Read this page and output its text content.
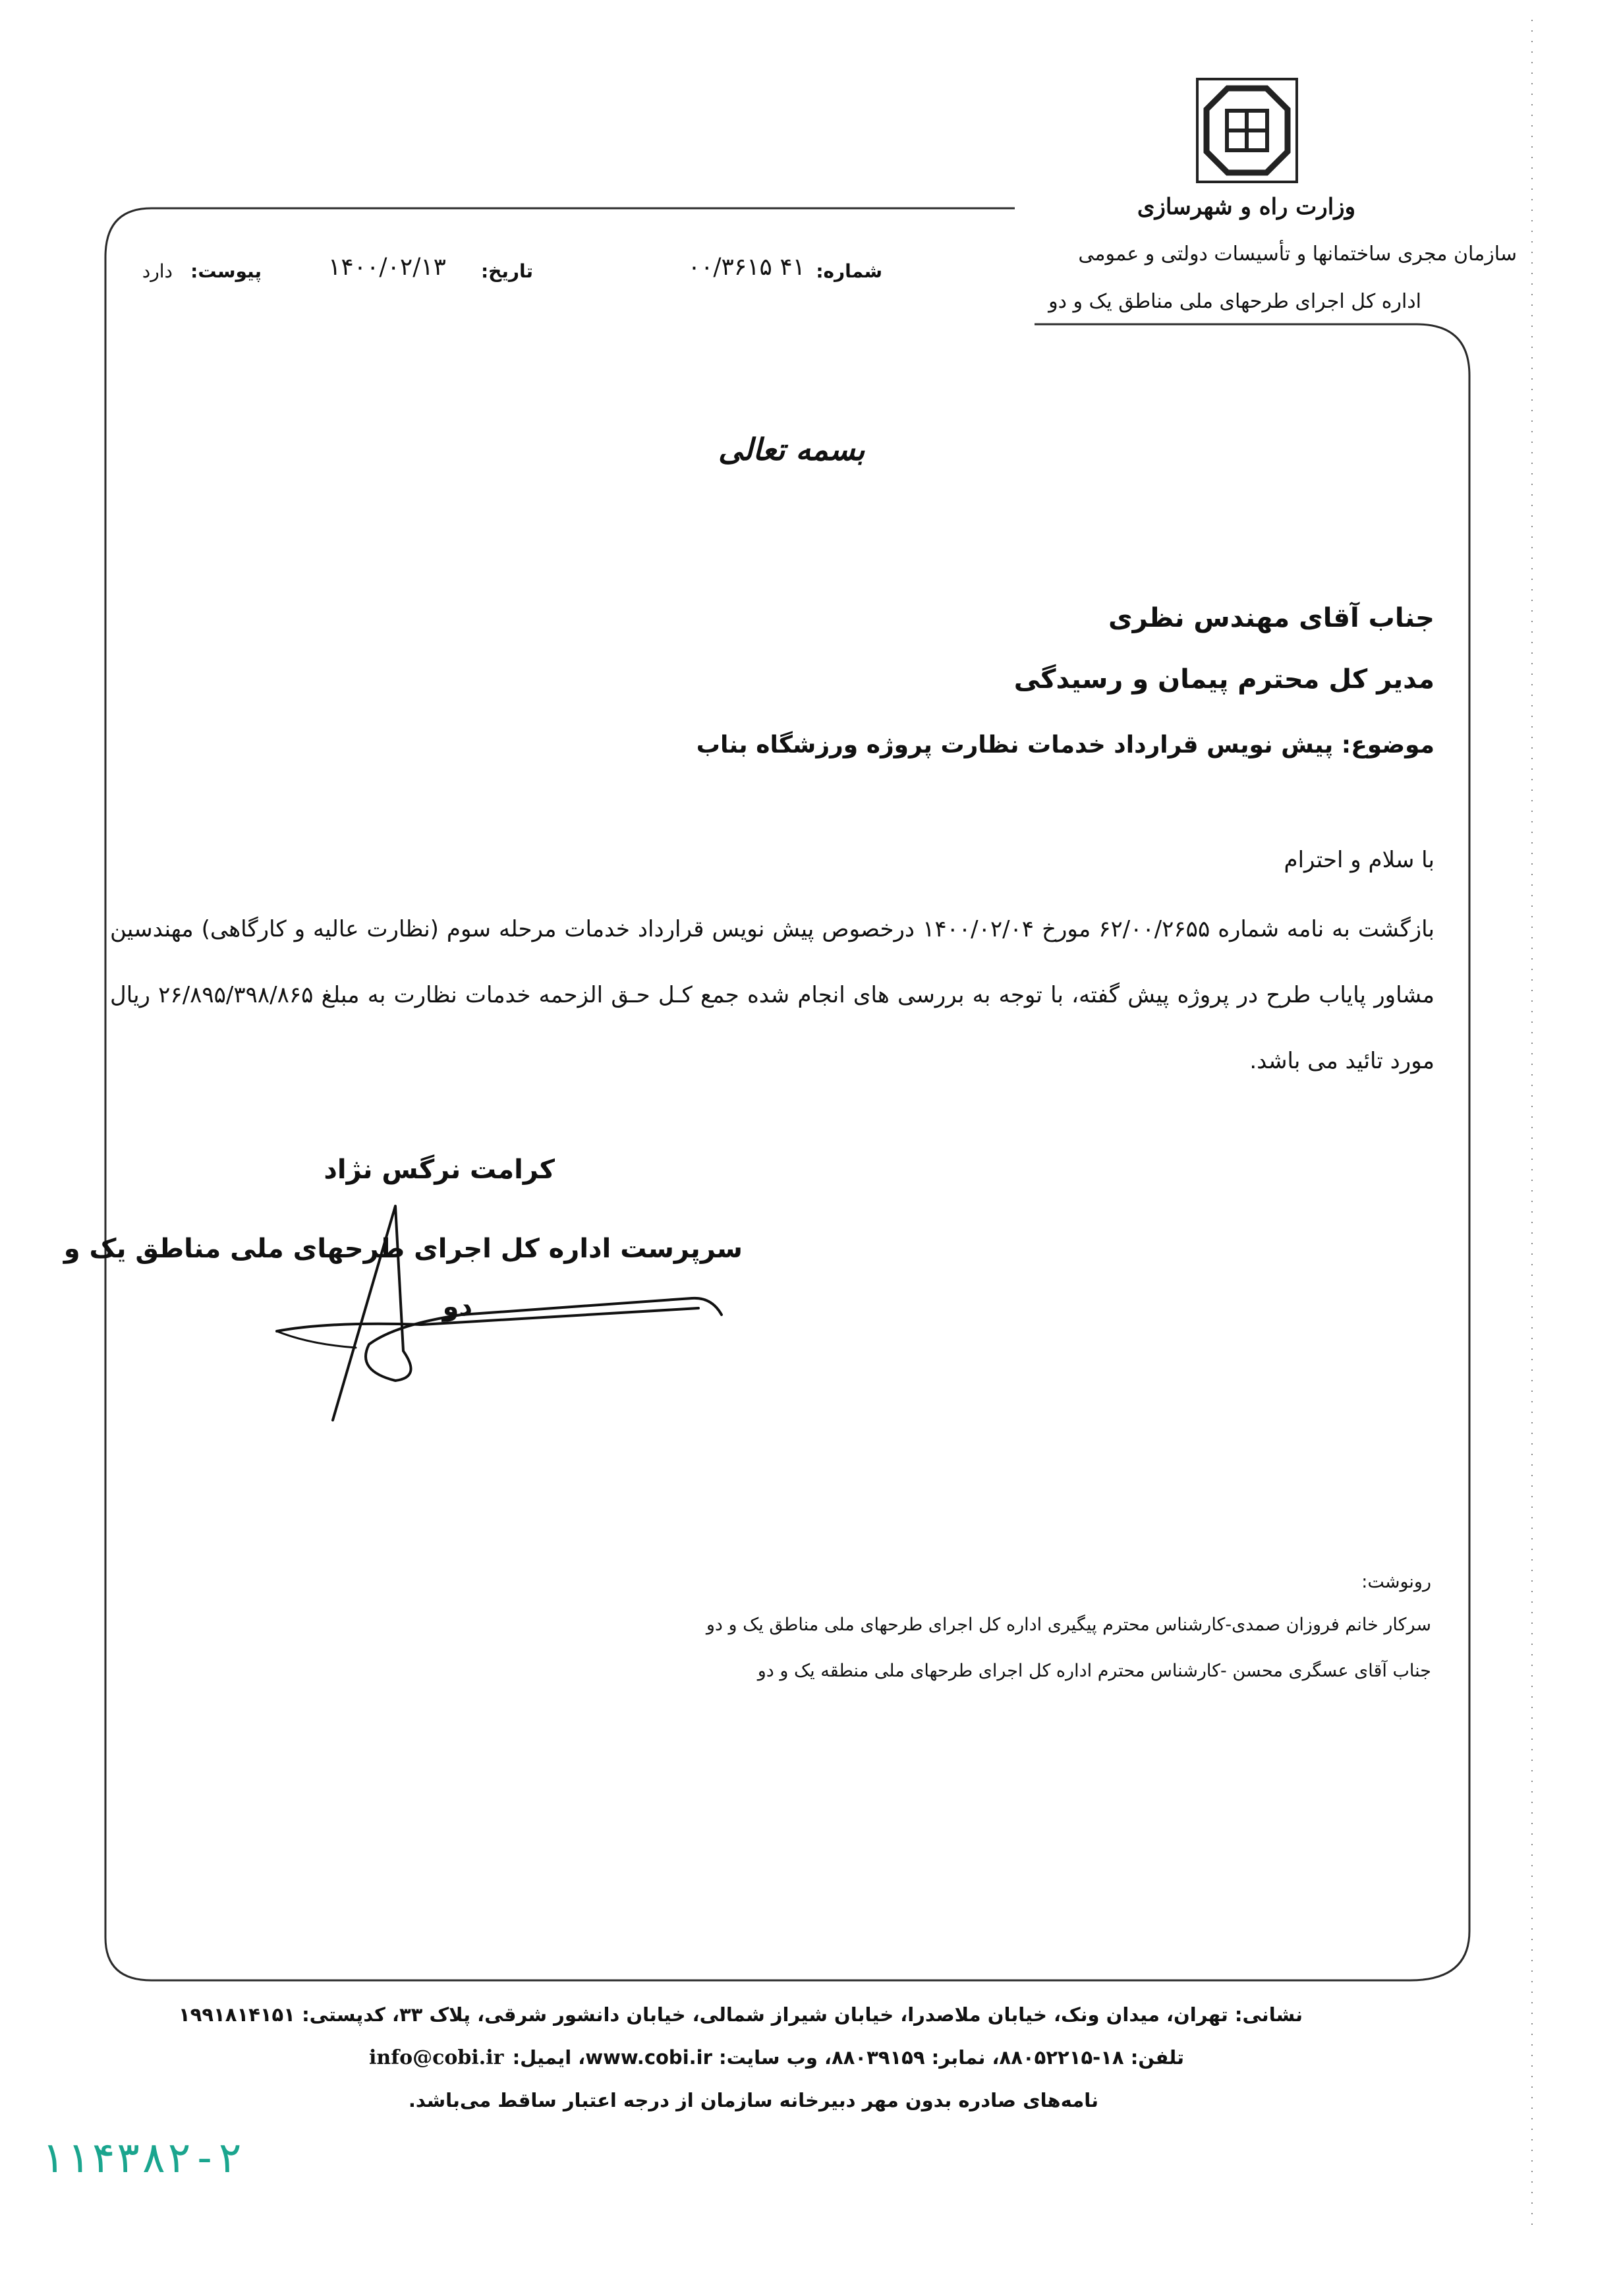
وزارت راه و شهرسازی
سازمان مجری ساختمانها و تأسیسات دولتی و عمومی
اداره کل اجرای طرحهای ملی مناطق یک و دو
شماره:
۰۰/۳۶۱۵ ۴۱
تاریخ:
۱۴۰۰/۰۲/۱۳
پیوست:
دارد
بسمه تعالی
جناب آقای مهندس نظری
مدیر کل محترم پیمان و رسیدگی
موضوع: پیش نویس قرارداد خدمات نظارت پروژه ورزشگاه بناب
با سلام و احترام
بازگشت به نامه شماره ۶۲/۰۰/۲۶۵۵ مورخ ۱۴۰۰/۰۲/۰۴ درخصوص پیش نویس قرارداد خدمات مرحله سوم (نظارت عالیه و کارگاهی) مهندسین مشاور پایاب طرح در پروژه پیش گفته، با توجه به بررسی های انجام شده جمع کـل حـق الزحمه خدمات نظارت به مبلغ ۲۶/۸۹۵/۳۹۸/۸۶۵ ریال مورد تائید می باشد.
کرامت نرگس نژاد
سرپرست اداره کل اجرای طرحهای ملی مناطق یک و
دو
رونوشت:
سرکار خانم فروزان صمدی-کارشناس محترم پیگیری اداره کل اجرای طرحهای ملی مناطق یک و دو
جناب آقای عسگری محسن -کارشناس محترم اداره کل اجرای طرحهای ملی منطقه یک و دو
نشانی: تهران، میدان ونک، خیابان ملاصدرا، خیابان شیراز شمالی، خیابان دانشور شرقی، پلاک ۳۳، کدپستی: ۱۹۹۱۸۱۴۱۵۱
تلفن: ۱۸-۸۸۰۵۲۲۱۵، نمابر: ۸۸۰۳۹۱۵۹، وب سایت: www.cobi.ir، ایمیل:
info@cobi.ir
نامه‌های صادره بدون مهر دبیرخانه سازمان از درجه اعتبار ساقط می‌باشد.
۱۱۴۳۸۲-۲
